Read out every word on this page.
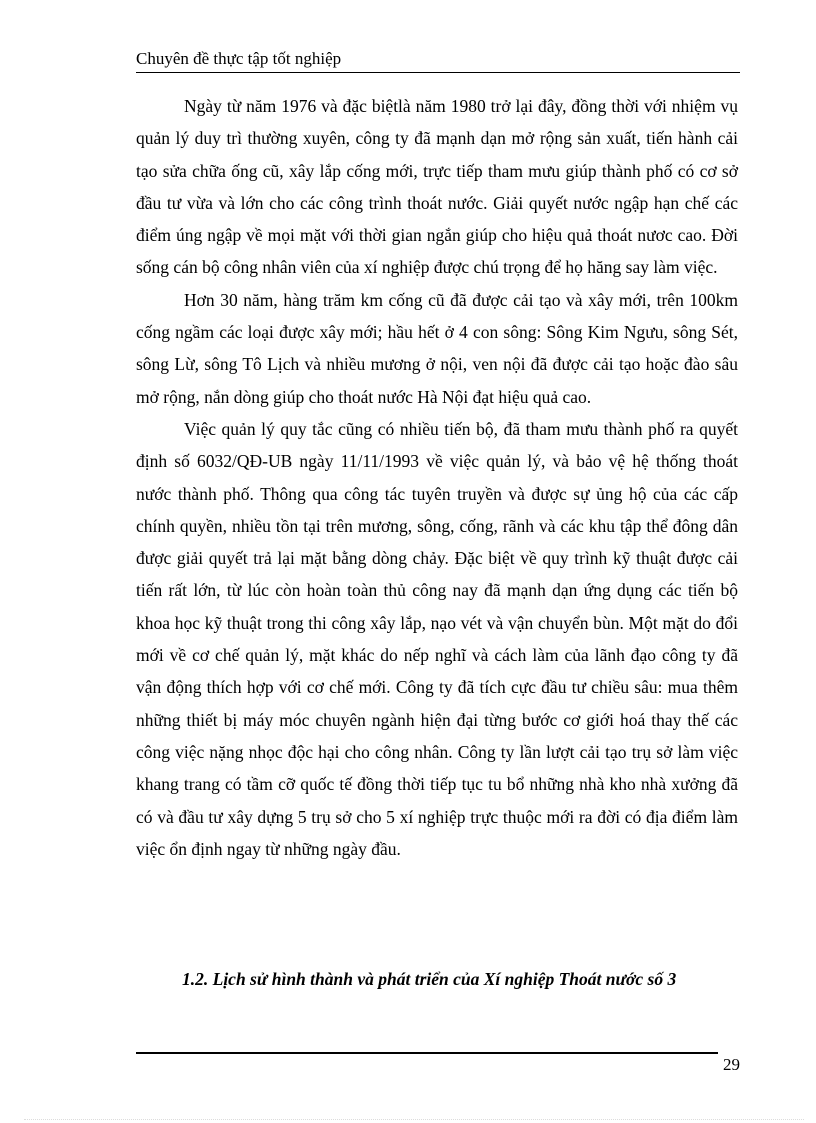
Chuyên đề thực tập tốt nghiệp

Ngày từ năm 1976 và đặc biệtlà năm 1980 trở lại đây, đồng thời với nhiệm vụ quản lý duy trì thường xuyên, công ty đã mạnh dạn mở rộng sản xuất, tiến hành cải tạo sửa chữa ống cũ, xây lắp cống mới, trực tiếp tham mưu giúp thành phố có cơ sở đầu tư vừa và lớn cho các công trình thoát nước. Giải quyết nước ngập hạn chế các điểm úng ngập về mọi mặt với thời gian ngắn giúp cho hiệu quả thoát nươc cao. Đời sống cán bộ công nhân viên của xí nghiệp được chú trọng để họ hăng say làm việc.

Hơn 30 năm, hàng trăm km cống cũ đã được cải tạo và xây mới, trên 100km cống ngầm các loại được xây mới; hầu hết ở 4 con sông: Sông Kim Ngưu, sông Sét, sông Lừ, sông Tô Lịch và nhiều mương ở nội, ven nội đã được cải tạo hoặc đào sâu mở rộng, nắn dòng giúp cho thoát nước Hà Nội đạt hiệu quả cao.

Việc quản lý quy tắc cũng có nhiều tiến bộ, đã tham mưu thành phố ra quyết định số 6032/QĐ-UB ngày 11/11/1993 về việc quản lý, và bảo vệ hệ thống thoát nước thành phố. Thông qua công tác tuyên truyền và được sự ủng hộ của các cấp chính quyền, nhiều tồn tại trên mương, sông, cống, rãnh và các khu tập thể đông dân được giải quyết trả lại mặt bằng dòng chảy. Đặc biệt về quy trình kỹ thuật được cải tiến rất lớn, từ lúc còn hoàn toàn thủ công nay đã mạnh dạn ứng dụng các tiến bộ khoa học kỹ thuật trong thi công xây lắp, nạo vét và vận chuyển bùn. Một mặt do đổi mới về cơ chế quản lý, mặt khác do nếp nghĩ và cách làm của lãnh đạo công ty đã vận động thích hợp với cơ chế mới. Công ty đã tích cực đầu tư chiều sâu: mua thêm những thiết bị máy móc chuyên ngành hiện đại từng bước cơ giới hoá thay thế các công việc nặng nhọc độc hại cho công nhân. Công ty lần lượt cải tạo trụ sở làm việc khang trang có tầm cỡ quốc tế đồng thời tiếp tục tu bổ những nhà kho nhà xưởng đã có và đầu tư xây dựng 5 trụ sở cho 5 xí nghiệp trực thuộc mới ra đời có địa điểm làm việc ổn định ngay từ những ngày đầu.

1.2. Lịch sử hình thành và phát triển của Xí nghiệp Thoát nước số 3
29
